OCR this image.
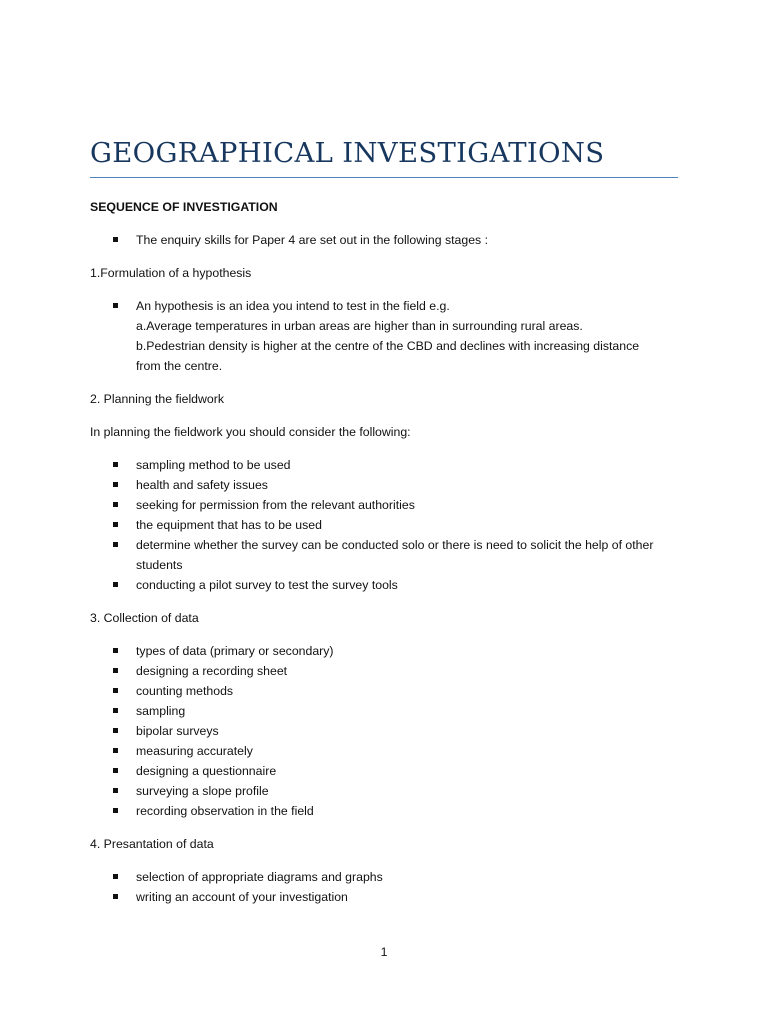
GEOGRAPHICAL INVESTIGATIONS

SEQUENCE OF INVESTIGATION

The enquiry skills for Paper 4 are set out in the following stages :

1.Formulation of a hypothesis

An hypothesis is an idea you intend to test in the field e.g.
a.Average temperatures in urban areas are higher than in surrounding rural areas.
b.Pedestrian density is higher at the centre of the CBD and declines with increasing distance
from the centre.

2. Planning the fieldwork

In planning the fieldwork you should consider the following:

sampling method to be used
health and safety issues
seeking for permission from the relevant authorities
the equipment that has to be used
determine whether the survey can be conducted solo or there is need to solicit the help of other
students
conducting a pilot survey to test the survey tools

3. Collection of data

types of data (primary or secondary)
designing a recording sheet
counting methods
sampling
bipolar surveys
measuring accurately
designing a questionnaire
surveying a slope profile
recording observation in the field

4. Presantation of data

selection of appropriate diagrams and graphs
writing an account of your investigation
1
